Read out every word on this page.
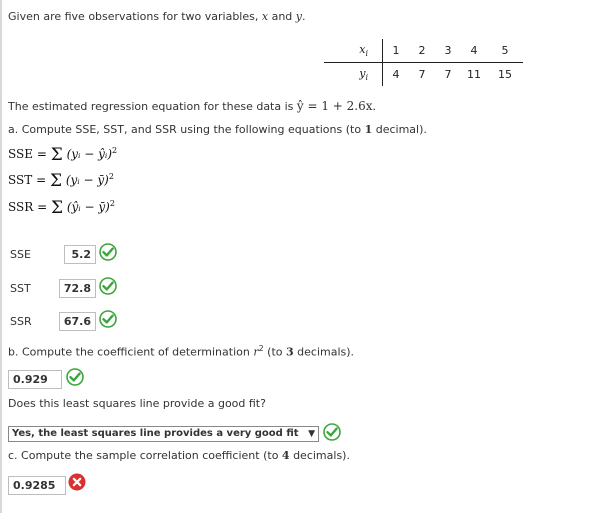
Given are five observations for two variables, x and y.
$x_i$	1	2	3	4	5
$y_i$	4	7	7	11	15
The estimated regression equation for these data is ŷ = 1 + 2.6x.
a. Compute SSE, SST, and SSR using the following equations (to 1 decimal).
SSE = Σ (yᵢ − ŷᵢ)$^2$
SST = Σ (yᵢ − ȳ)$^2$
SSR = Σ (ŷᵢ − ȳ)$^2$
SSE	5.2
SST	72.8
SSR	67.6
b. Compute the coefficient of determination $r^2$ (to 3 decimals).
0.929
Does this least squares line provide a good fit?
Yes, the least squares line provides a very good fit ▼
c. Compute the sample correlation coefficient (to 4 decimals).
0.9285
